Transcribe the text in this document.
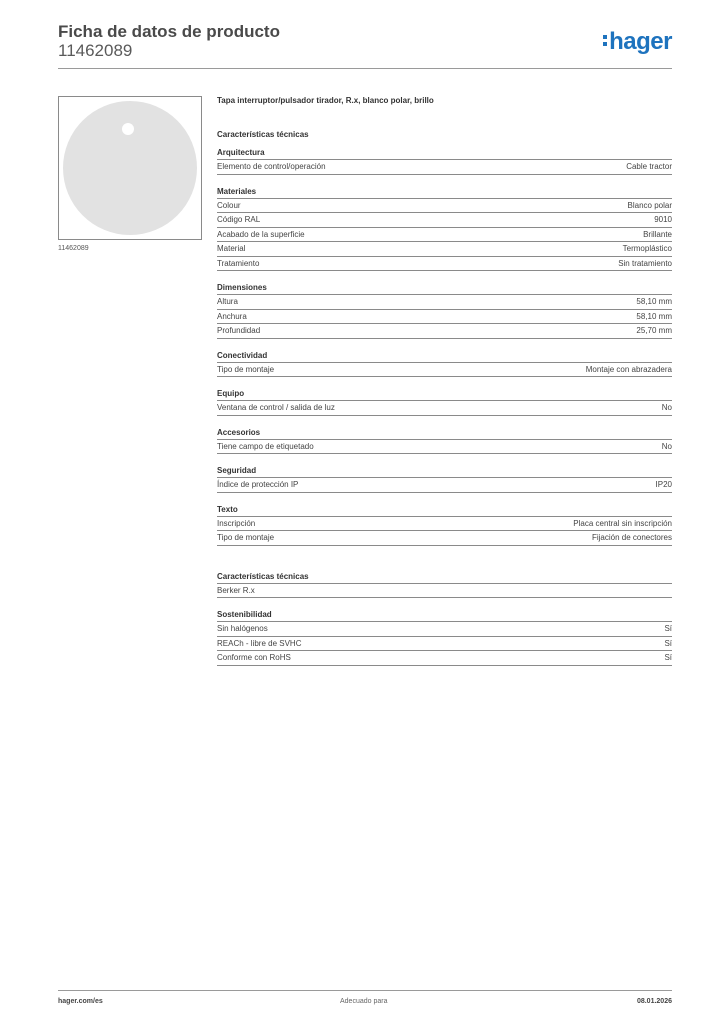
Ficha de datos de producto
11462089	hager
11462089
Tapa interruptor/pulsador tirador, R.x, blanco polar, brillo
Características técnicas
Arquitectura
Elemento de control/operación	Cable tractor
Materiales
Colour	Blanco polar
Código RAL	9010
Acabado de la superficie	Brillante
Material	Termoplástico
Tratamiento	Sin tratamiento
Dimensiones
Altura	58,10 mm
Anchura	58,10 mm
Profundidad	25,70 mm
Conectividad
Tipo de montaje	Montaje con abrazadera
Equipo
Ventana de control / salida de luz	No
Accesorios
Tiene campo de etiquetado	No
Seguridad
Índice de protección IP	IP20
Texto
Inscripción	Placa central sin inscripción
Tipo de montaje	Fijación de conectores
Características técnicas
Berker R.x
Sostenibilidad
Sin halógenos	Sí
REACh - libre de SVHC	Sí
Conforme con RoHS	Sí
hager.com/es	Adecuado para	08.01.2026
